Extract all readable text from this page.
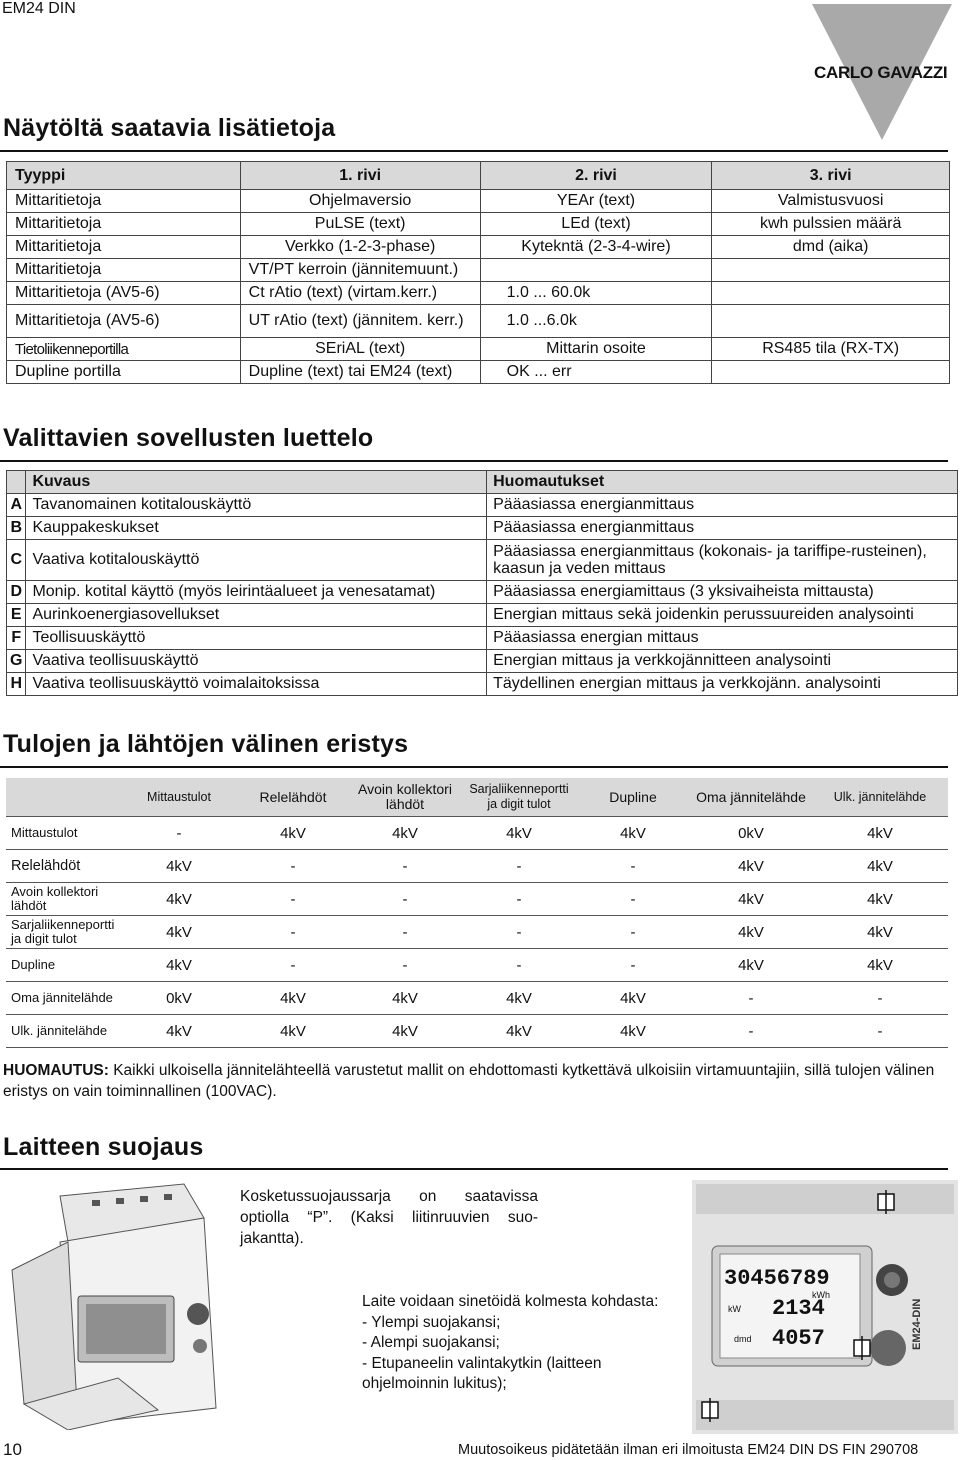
EM24 DIN
CARLO GAVAZZI
Näytöltä saatavia lisätietoja
Tyyppi	1. rivi	2. rivi	3. rivi
Mittaritietoja	Ohjelmaversio	YEAr (text)	Valmistusvuosi
Mittaritietoja	PuLSE (text)	LEd (text)	kwh pulssien määrä
Mittaritietoja	Verkko (1-2-3-phase)	Kytekntä (2-3-4-wire)	dmd (aika)
Mittaritietoja	VT/PT kerroin (jännitemuunt.)		
Mittaritietoja (AV5-6)	Ct rAtio (text) (virtam.kerr.)	1.0 ... 60.0k	
Mittaritietoja (AV5-6)	UT rAtio (text) (jännitem. kerr.)	1.0 ...6.0k	
Tietoliikenneportilla	SEriAL (text)	Mittarin osoite	RS485 tila (RX-TX)
Dupline portilla	Dupline (text) tai EM24 (text)	OK ... err	
Valittavien sovellusten luettelo
	Kuvaus	Huomautukset
A	Tavanomainen kotitalouskäyttö	Pääasiassa energianmittaus
B	Kauppakeskukset	Pääasiassa energianmittaus
C	Vaativa kotitalouskäyttö	Pääasiassa energianmittaus (kokonais- ja tariffipe-rusteinen), kaasun ja veden mittaus
D	Monip. kotital käyttö (myös leirintäalueet ja venesatamat)	Pääasiassa energiamittaus (3 yksivaiheista mittausta)
E	Aurinkoenergiasovellukset	Energian mittaus sekä joidenkin perussuureiden analysointi
F	Teollisuuskäyttö	Pääasiassa energian mittaus
G	Vaativa teollisuuskäyttö	Energian mittaus ja verkkojännitteen analysointi
H	Vaativa teollisuuskäyttö voimalaitoksissa	Täydellinen energian mittaus ja verkkojänn. analysointi
Tulojen ja lähtöjen välinen eristys
	Mittaustulot	Relelähdöt	Avoin kollektori lähdöt	Sarjaliikenneportti ja digit tulot	Dupline	Oma jännitelähde	Ulk. jännitelähde
Mittaustulot	-	4kV	4kV	4kV	4kV	0kV	4kV
Relelähdöt	4kV	-	-	-	-	4kV	4kV
Avoin kollektori lähdöt	4kV	-	-	-	-	4kV	4kV
Sarjaliikenneportti ja digit tulot	4kV	-	-	-	-	4kV	4kV
Dupline	4kV	-	-	-	-	4kV	4kV
Oma jännitelähde	0kV	4kV	4kV	4kV	4kV	-	-
Ulk. jännitelähde	4kV	4kV	4kV	4kV	4kV	-	-
HUOMAUTUS: Kaikki ulkoisella jännitelähteellä varustetut mallit on ehdottomasti kytkettävä ulkoisiin virtamuuntajiin, sillä tulojen välinen eristys on vain toiminnallinen (100VAC).
Laitteen suojaus
Kosketussuojaussarja on saatavissa optiolla “P”. (Kaksi liitinruuvien suo-jakantta).
Laite voidaan sinetöidä kolmesta kohdasta:
- Ylempi suojakansi;
- Alempi suojakansi;
- Etupaneelin valintakytkin (laitteen ohjelmoinnin lukitus);
30456789
kWh
2134
kW
4057
dmd	EM24-DIN
10	Muutosoikeus pidätetään ilman eri ilmoitusta EM24 DIN DS FIN 290708
